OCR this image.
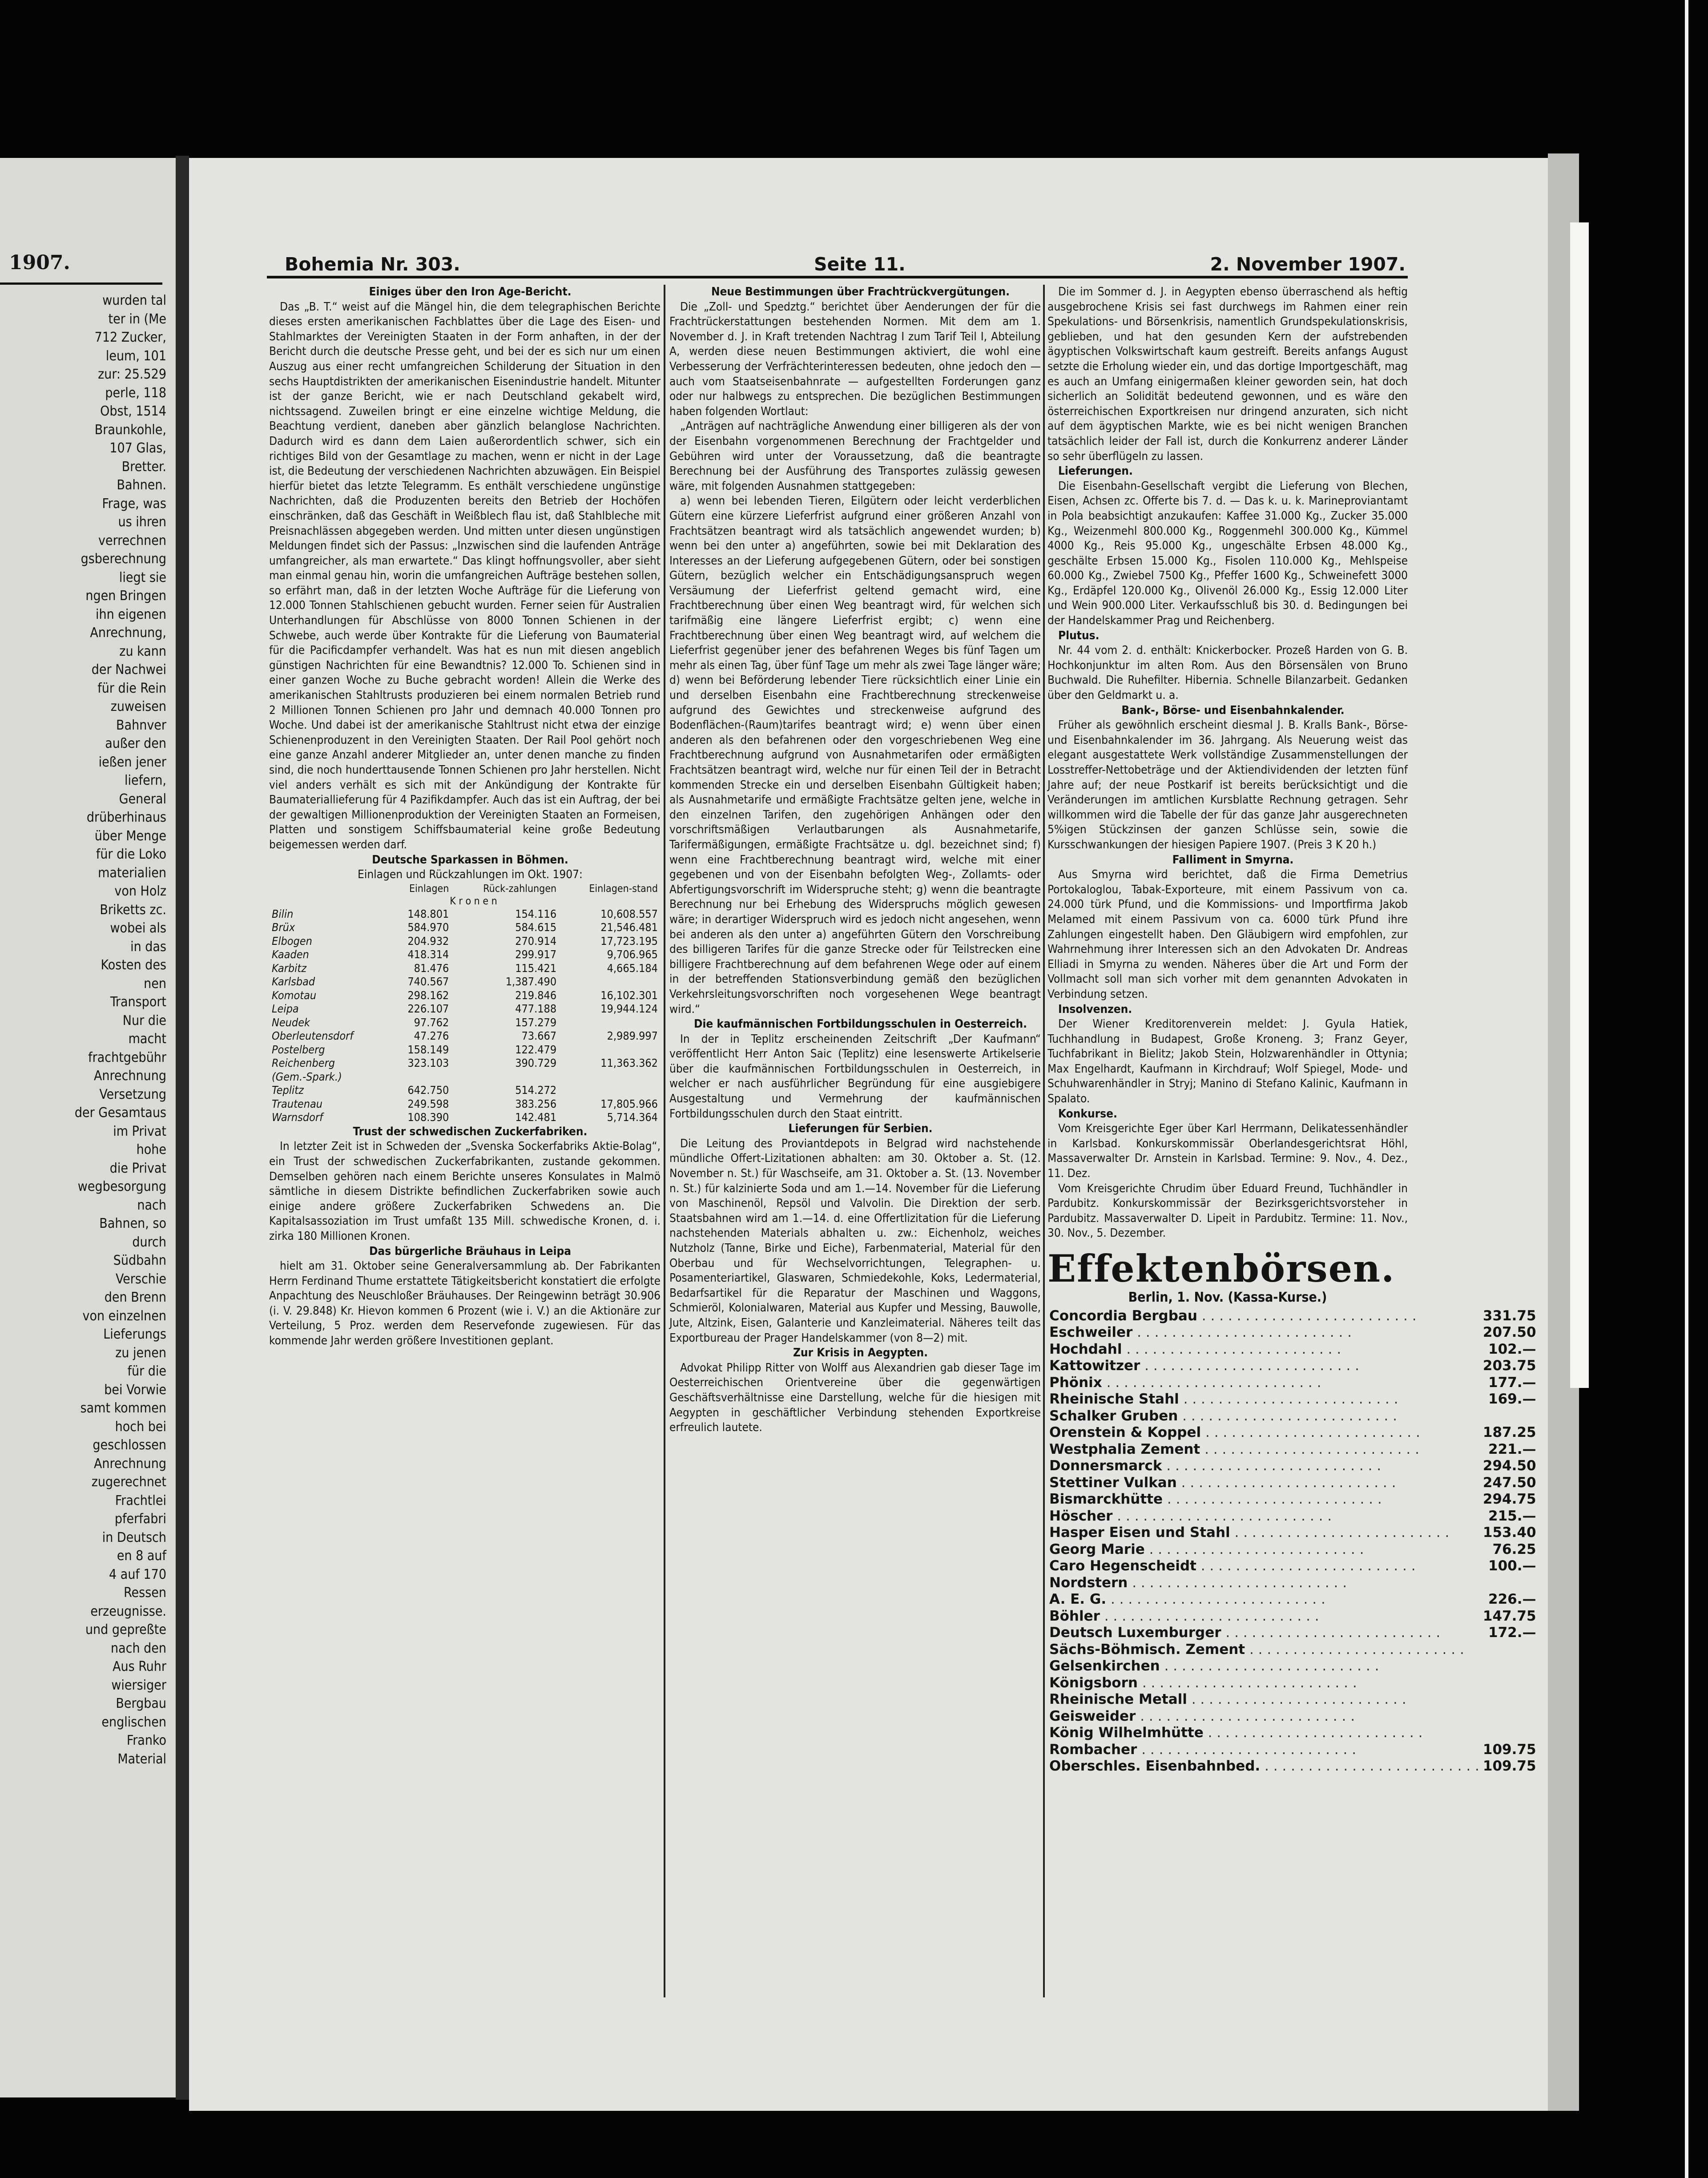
1907.
wurden tal
ter in (Me
712 Zucker,
leum, 101
zur: 25.529
perle, 118
Obst, 1514
Braunkohle,
107 Glas,
Bretter.
Bahnen.
Frage, was
us ihren
verrechnen
gsberechnung
liegt sie
ngen Bringen
ihn eigenen
Anrechnung,
zu kann
der Nachwei
für die Rein
zuweisen
Bahnver
außer den
ießen jener
liefern,
General
drüberhinaus
über Menge
für die Loko
materialien
von Holz
Briketts zc.
wobei als
in das
Kosten des
nen
Transport
Nur die
macht
frachtgebühr
Anrechnung
Versetzung
der Gesamtaus
im Privat
hohe
die Privat
wegbesorgung
nach
Bahnen, so
durch
Südbahn
Verschie
den Brenn
von einzelnen
Lieferungs
zu jenen
für die
bei Vorwie
samt kommen
hoch bei
geschlossen
Anrechnung
zugerechnet
Frachtlei
pferfabri
in Deutsch
en 8 auf
4 auf 170
Ressen
erzeugnisse.
und gepreßte
nach den
Aus Ruhr
wiersiger
Bergbau
englischen
Franko
Material
Bohemia Nr. 303.	Seite 11.	2. November 1907.

Einiges über den Iron Age-Bericht.

Das „B. T.“ weist auf die Mängel hin, die dem telegraphischen Berichte dieses ersten amerikanischen Fachblattes über die Lage des Eisen- und Stahlmarktes der Vereinigten Staaten in der Form anhaften, in der der Bericht durch die deutsche Presse geht, und bei der es sich nur um einen Auszug aus einer recht umfangreichen Schilderung der Situation in den sechs Hauptdistrikten der amerikanischen Eisenindustrie handelt. Mitunter ist der ganze Bericht, wie er nach Deutschland gekabelt wird, nichtssagend. Zuweilen bringt er eine einzelne wichtige Meldung, die Beachtung verdient, daneben aber gänzlich belanglose Nachrichten. Dadurch wird es dann dem Laien außerordentlich schwer, sich ein richtiges Bild von der Gesamtlage zu machen, wenn er nicht in der Lage ist, die Bedeutung der verschiedenen Nachrichten abzuwägen. Ein Beispiel hierfür bietet das letzte Telegramm. Es enthält verschiedene ungünstige Nachrichten, daß die Produzenten bereits den Betrieb der Hochöfen einschränken, daß das Geschäft in Weißblech flau ist, daß Stahlbleche mit Preisnachlässen abgegeben werden. Und mitten unter diesen ungünstigen Meldungen findet sich der Passus: „Inzwischen sind die laufenden Anträge umfangreicher, als man erwartete.“ Das klingt hoffnungsvoller, aber sieht man einmal genau hin, worin die umfangreichen Aufträge bestehen sollen, so erfährt man, daß in der letzten Woche Aufträge für die Lieferung von 12.000 Tonnen Stahlschienen gebucht wurden. Ferner seien für Australien Unterhandlungen für Abschlüsse von 8000 Tonnen Schienen in der Schwebe, auch werde über Kontrakte für die Lieferung von Baumaterial für die Pacificdampfer verhandelt. Was hat es nun mit diesen angeblich günstigen Nachrichten für eine Bewandtnis? 12.000 To. Schienen sind in einer ganzen Woche zu Buche gebracht worden! Allein die Werke des amerikanischen Stahltrusts produzieren bei einem normalen Betrieb rund 2 Millionen Tonnen Schienen pro Jahr und demnach 40.000 Tonnen pro Woche. Und dabei ist der amerikanische Stahltrust nicht etwa der einzige Schienenproduzent in den Vereinigten Staaten. Der Rail Pool gehört noch eine ganze Anzahl anderer Mitglieder an, unter denen manche zu finden sind, die noch hunderttausende Tonnen Schienen pro Jahr herstellen. Nicht viel anders verhält es sich mit der Ankündigung der Kontrakte für Baumateriallieferung für 4 Pazifikdampfer. Auch das ist ein Auftrag, der bei der gewaltigen Millionenproduktion der Vereinigten Staaten an Formeisen, Platten und sonstigem Schiffsbaumaterial keine große Bedeutung beigemessen werden darf.

Deutsche Sparkassen in Böhmen.

Einlagen und Rückzahlungen im Okt. 1907:

	Einlagen	Rück-zahlungen	Einlagen-stand
	K r o n e n		
Bilin	148.801	154.116	10,608.557
Brüx	584.970	584.615	21,546.481
Elbogen	204.932	270.914	17,723.195
Kaaden	418.314	299.917	9,706.965
Karbitz	81.476	115.421	4,665.184
Karlsbad	740.567	1,387.490	
Komotau	298.162	219.846	16,102.301
Leipa	226.107	477.188	19,944.124
Neudek	97.762	157.279	
Oberleutensdorf	47.276	73.667	2,989.997
Postelberg	158.149	122.479	
Reichenberg	323.103	390.729	11,363.362
(Gem.-Spark.)			
Teplitz	642.750	514.272	
Trautenau	249.598	383.256	17,805.966
Warnsdorf	108.390	142.481	5,714.364

Trust der schwedischen Zuckerfabriken.

In letzter Zeit ist in Schweden der „Svenska Sockerfabriks Aktie-Bolag“, ein Trust der schwedischen Zuckerfabrikanten, zustande gekommen. Demselben gehören nach einem Berichte unseres Konsulates in Malmö sämtliche in diesem Distrikte befindlichen Zuckerfabriken sowie auch einige andere größere Zuckerfabriken Schwedens an. Die Kapitalsassoziation im Trust umfaßt 135 Mill. schwedische Kronen, d. i. zirka 180 Millionen Kronen.

Das bürgerliche Bräuhaus in Leipa

hielt am 31. Oktober seine Generalversammlung ab. Der Fabrikanten Herrn Ferdinand Thume erstattete Tätigkeitsbericht konstatiert die erfolgte Anpachtung des Neuschloßer Bräuhauses. Der Reingewinn beträgt 30.906 (i. V. 29.848) Kr. Hievon kommen 6 Prozent (wie i. V.) an die Aktionäre zur Verteilung, 5 Proz. werden dem Reservefonde zugewiesen. Für das kommende Jahr werden größere Investitionen geplant.

Neue Bestimmungen über Frachtrückvergütungen.

Die „Zoll- und Spedztg.“ berichtet über Aenderungen der für die Frachtrückerstattungen bestehenden Normen. Mit dem am 1. November d. J. in Kraft tretenden Nachtrag I zum Tarif Teil I, Abteilung A, werden diese neuen Bestimmungen aktiviert, die wohl eine Verbesserung der Verfrächterinteressen bedeuten, ohne jedoch den — auch vom Staatseisenbahnrate — aufgestellten Forderungen ganz oder nur halbwegs zu entsprechen. Die bezüglichen Bestimmungen haben folgenden Wortlaut:

„Anträgen auf nachträgliche Anwendung einer billigeren als der von der Eisenbahn vorgenommenen Berechnung der Frachtgelder und Gebühren wird unter der Voraussetzung, daß die beantragte Berechnung bei der Ausführung des Transportes zulässig gewesen wäre, mit folgenden Ausnahmen stattgegeben:

a) wenn bei lebenden Tieren, Eilgütern oder leicht verderblichen Gütern eine kürzere Lieferfrist aufgrund einer größeren Anzahl von Frachtsätzen beantragt wird als tatsächlich angewendet wurden; b) wenn bei den unter a) angeführten, sowie bei mit Deklaration des Interesses an der Lieferung aufgegebenen Gütern, oder bei sonstigen Gütern, bezüglich welcher ein Entschädigungsanspruch wegen Versäumung der Lieferfrist geltend gemacht wird, eine Frachtberechnung über einen Weg beantragt wird, für welchen sich tarifmäßig eine längere Lieferfrist ergibt; c) wenn eine Frachtberechnung über einen Weg beantragt wird, auf welchem die Lieferfrist gegenüber jener des befahrenen Weges bis fünf Tagen um mehr als einen Tag, über fünf Tage um mehr als zwei Tage länger wäre; d) wenn bei Beförderung lebender Tiere rücksichtlich einer Linie ein und derselben Eisenbahn eine Frachtberechnung streckenweise aufgrund des Gewichtes und streckenweise aufgrund des Bodenflächen-(Raum)tarifes beantragt wird; e) wenn über einen anderen als den befahrenen oder den vorgeschriebenen Weg eine Frachtberechnung aufgrund von Ausnahmetarifen oder ermäßigten Frachtsätzen beantragt wird, welche nur für einen Teil der in Betracht kommenden Strecke ein und derselben Eisenbahn Gültigkeit haben; als Ausnahmetarife und ermäßigte Frachtsätze gelten jene, welche in den einzelnen Tarifen, den zugehörigen Anhängen oder den vorschriftsmäßigen Verlautbarungen als Ausnahmetarife, Tarifermäßigungen, ermäßigte Frachtsätze u. dgl. bezeichnet sind; f) wenn eine Frachtberechnung beantragt wird, welche mit einer gegebenen und von der Eisenbahn befolgten Weg-, Zollamts- oder Abfertigungsvorschrift im Widerspruche steht; g) wenn die beantragte Berechnung nur bei Erhebung des Widerspruchs möglich gewesen wäre; in derartiger Widerspruch wird es jedoch nicht angesehen, wenn bei anderen als den unter a) angeführten Gütern den Vorschreibung des billigeren Tarifes für die ganze Strecke oder für Teilstrecken eine billigere Frachtberechnung auf dem befahrenen Wege oder auf einem in der betreffenden Stationsverbindung gemäß den bezüglichen Verkehrsleitungsvorschriften noch vorgesehenen Wege beantragt wird.“

Die kaufmännischen Fortbildungsschulen in Oesterreich.

In der in Teplitz erscheinenden Zeitschrift „Der Kaufmann“ veröffentlicht Herr Anton Saic (Teplitz) eine lesenswerte Artikelserie über die kaufmännischen Fortbildungsschulen in Oesterreich, in welcher er nach ausführlicher Begründung für eine ausgiebigere Ausgestaltung und Vermehrung der kaufmännischen Fortbildungsschulen durch den Staat eintritt.

Lieferungen für Serbien.

Die Leitung des Proviantdepots in Belgrad wird nachstehende mündliche Offert-Lizitationen abhalten: am 30. Oktober a. St. (12. November n. St.) für Waschseife, am 31. Oktober a. St. (13. November n. St.) für kalzinierte Soda und am 1.—14. November für die Lieferung von Maschinenöl, Repsöl und Valvolin. Die Direktion der serb. Staatsbahnen wird am 1.—14. d. eine Offertlizitation für die Lieferung nachstehenden Materials abhalten u. zw.: Eichenholz, weiches Nutzholz (Tanne, Birke und Eiche), Farbenmaterial, Material für den Oberbau und für Wechselvorrichtungen, Telegraphen- u. Posamenteriartikel, Glaswaren, Schmiedekohle, Koks, Ledermaterial, Bedarfsartikel für die Reparatur der Maschinen und Waggons, Schmieröl, Kolonialwaren, Material aus Kupfer und Messing, Bauwolle, Jute, Altzink, Eisen, Galanterie und Kanzleimaterial. Näheres teilt das Exportbureau der Prager Handelskammer (von 8—2) mit.

Zur Krisis in Aegypten.

Advokat Philipp Ritter von Wolff aus Alexandrien gab dieser Tage im Oesterreichischen Orientvereine über die gegenwärtigen Geschäftsverhältnisse eine Darstellung, welche für die hiesigen mit Aegypten in geschäftlicher Verbindung stehenden Exportkreise erfreulich lautete.

Die im Sommer d. J. in Aegypten ebenso überraschend als heftig ausgebrochene Krisis sei fast durchwegs im Rahmen einer rein Spekulations- und Börsenkrisis, namentlich Grundspekulationskrisis, geblieben, und hat den gesunden Kern der aufstrebenden ägyptischen Volkswirtschaft kaum gestreift. Bereits anfangs August setzte die Erholung wieder ein, und das dortige Importgeschäft, mag es auch an Umfang einigermaßen kleiner geworden sein, hat doch sicherlich an Solidität bedeutend gewonnen, und es wäre den österreichischen Exportkreisen nur dringend anzuraten, sich nicht auf dem ägyptischen Markte, wie es bei nicht wenigen Branchen tatsächlich leider der Fall ist, durch die Konkurrenz anderer Länder so sehr überflügeln zu lassen.

Lieferungen.

Die Eisenbahn-Gesellschaft vergibt die Lieferung von Blechen, Eisen, Achsen zc. Offerte bis 7. d. — Das k. u. k. Marineproviantamt in Pola beabsichtigt anzukaufen: Kaffee 31.000 Kg., Zucker 35.000 Kg., Weizenmehl 800.000 Kg., Roggenmehl 300.000 Kg., Kümmel 4000 Kg., Reis 95.000 Kg., ungeschälte Erbsen 48.000 Kg., geschälte Erbsen 15.000 Kg., Fisolen 110.000 Kg., Mehlspeise 60.000 Kg., Zwiebel 7500 Kg., Pfeffer 1600 Kg., Schweinefett 3000 Kg., Erdäpfel 120.000 Kg., Olivenöl 26.000 Kg., Essig 12.000 Liter und Wein 900.000 Liter. Verkaufsschluß bis 30. d. Bedingungen bei der Handelskammer Prag und Reichenberg.

Plutus.

Nr. 44 vom 2. d. enthält: Knickerbocker. Prozeß Harden von G. B. Hochkonjunktur im alten Rom. Aus den Börsensälen von Bruno Buchwald. Die Ruhefilter. Hibernia. Schnelle Bilanzarbeit. Gedanken über den Geldmarkt u. a.

Bank-, Börse- und Eisenbahnkalender.

Früher als gewöhnlich erscheint diesmal J. B. Kralls Bank-, Börse- und Eisenbahnkalender im 36. Jahrgang. Als Neuerung weist das elegant ausgestattete Werk vollständige Zusammenstellungen der Losstreffer-Nettobeträge und der Aktiendividenden der letzten fünf Jahre auf; der neue Postkarif ist bereits berücksichtigt und die Veränderungen im amtlichen Kursblatte Rechnung getragen. Sehr willkommen wird die Tabelle der für das ganze Jahr ausgerechneten 5%igen Stückzinsen der ganzen Schlüsse sein, sowie die Kursschwankungen der hiesigen Papiere 1907. (Preis 3 K 20 h.)

Falliment in Smyrna.

Aus Smyrna wird berichtet, daß die Firma Demetrius Portokaloglou, Tabak-Exporteure, mit einem Passivum von ca. 24.000 türk Pfund, und die Kommissions- und Importfirma Jakob Melamed mit einem Passivum von ca. 6000 türk Pfund ihre Zahlungen eingestellt haben. Den Gläubigern wird empfohlen, zur Wahrnehmung ihrer Interessen sich an den Advokaten Dr. Andreas Elliadi in Smyrna zu wenden. Näheres über die Art und Form der Vollmacht soll man sich vorher mit dem genannten Advokaten in Verbindung setzen.

Insolvenzen.

Der Wiener Kreditorenverein meldet: J. Gyula Hatiek, Tuchhandlung in Budapest, Große Kroneng. 3; Franz Geyer, Tuchfabrikant in Bielitz; Jakob Stein, Holzwarenhändler in Ottynia; Max Engelhardt, Kaufmann in Kirchdrauf; Wolf Spiegel, Mode- und Schuhwarenhändler in Stryj; Manino di Stefano Kalinic, Kaufmann in Spalato.

Konkurse.

Vom Kreisgerichte Eger über Karl Herrmann, Delikatessenhändler in Karlsbad. Konkurskommissär Oberlandesgerichtsrat Höhl, Massaverwalter Dr. Arnstein in Karlsbad. Termine: 9. Nov., 4. Dez., 11. Dez.

Vom Kreisgerichte Chrudim über Eduard Freund, Tuchhändler in Pardubitz. Konkurskommissär der Bezirksgerichtsvorsteher in Pardubitz. Massaverwalter D. Lipeit in Pardubitz. Termine: 11. Nov., 30. Nov., 5. Dezember.

Effektenbörsen.
Berlin, 1. Nov. (Kassa-Kurse.)
Concordia Bergbau . . .	331.75
Eschweiler . . .	207.50
Hochdahl . . .	102.—
Kattowitzer . . .	203.75
Phönix . . .	177.—
Rheinische Stahl . . .	169.—
Schalker Gruben . . .	
Orenstein & Koppel . . .	187.25
Westphalia Zement . . .	221.—
Donnersmarck . . .	294.50
Stettiner Vulkan . . .	247.50
Bismarckhütte . . .	294.75
Höscher . . .	215.—
Hasper Eisen und Stahl . . .	153.40
Georg Marie . . .	76.25
Caro Hegenscheidt . . .	100.—
Nordstern . . .	
A. E. G. . . .	226.—
Böhler . . .	147.75
Deutsch Luxemburger . . .	172.—
Sächs-Böhmisch. Zement . . .	
Gelsenkirchen . . .	
Königsborn . . .	
Rheinische Metall . . .	
Geisweider . . .	
König Wilhelmhütte . . .	
Rombacher . . .	109.75
Oberschles. Eisenbahnbed. . . .	109.75
